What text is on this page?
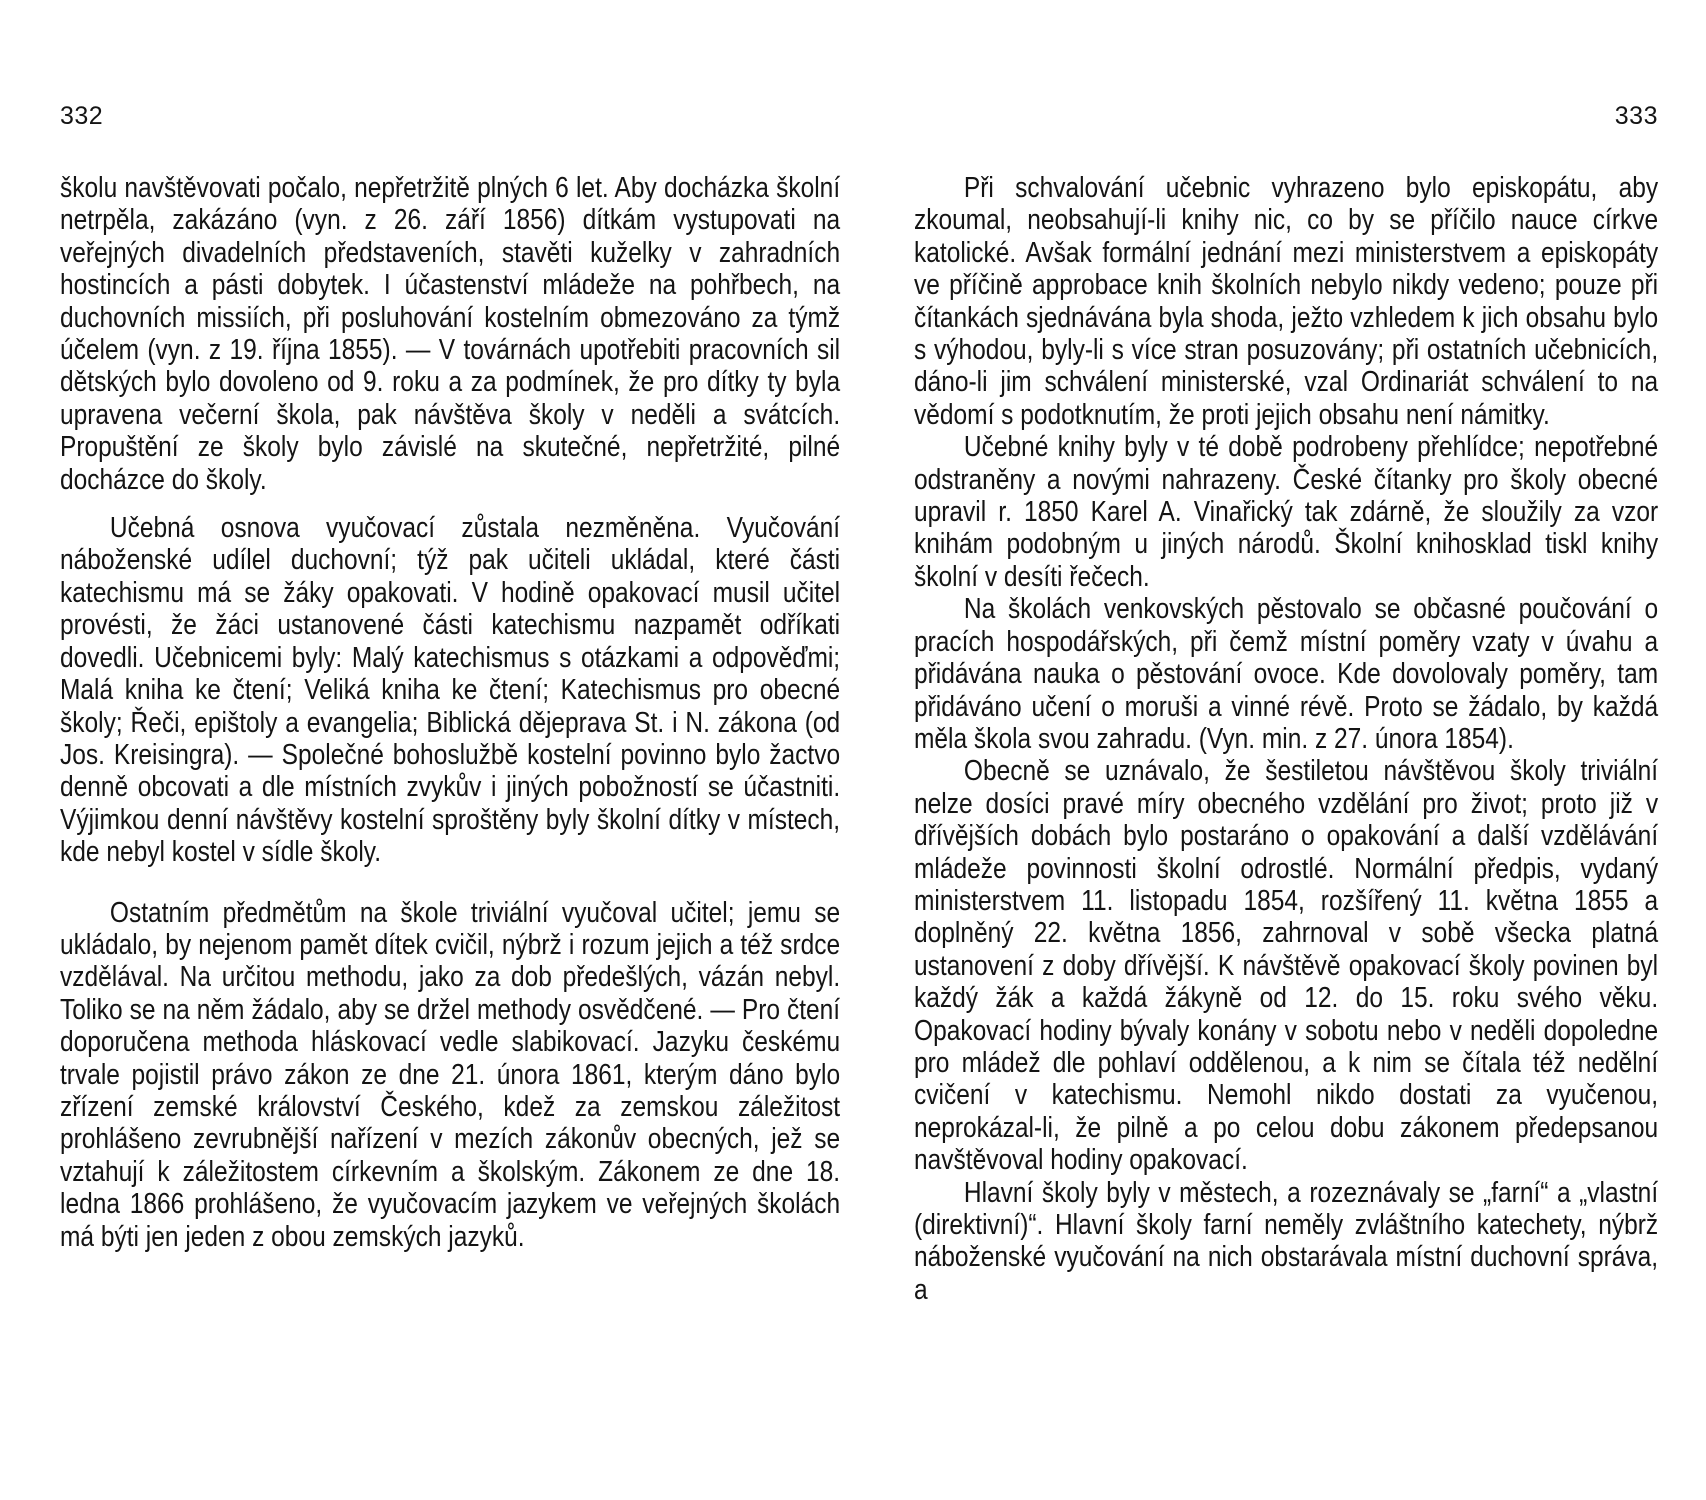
332

školu navštěvovati počalo, nepřetržitě plných 6 let. Aby docházka školní netrpěla, zakázáno (vyn. z 26. září 1856) dítkám vystupovati na veřejných divadelních představeních, stavěti kuželky v zahradních hostincích a pásti dobytek. I účastenství mládeže na pohřbech, na duchovních missiích, při posluhování kostelním obmezováno za týmž účelem (vyn. z 19. října 1855). — V továrnách upotřebiti pracovních sil dětských bylo dovoleno od 9. roku a za podmínek, že pro dítky ty byla upravena večerní škola, pak návštěva školy v neděli a svátcích. Propuštění ze školy bylo závislé na skutečné, nepřetržité, pilné docházce do školy.

Učebná osnova vyučovací zůstala nezměněna. Vyučování náboženské udílel duchovní; týž pak učiteli ukládal, které části katechismu má se žáky opakovati. V hodině opakovací musil učitel provésti, že žáci ustanovené části katechismu nazpamět odříkati dovedli. Učebnicemi byly: Malý katechismus s otázkami a odpověďmi; Malá kniha ke čtení; Veliká kniha ke čtení; Katechismus pro obecné školy; Řeči, epištoly a evangelia; Biblická dějeprava St. i N. zákona (od Jos. Kreisingra). — Společné bohoslužbě kostelní povinno bylo žactvo denně obcovati a dle místních zvykův i jiných pobožností se účastniti. Výjimkou denní návštěvy kostelní sproštěny byly školní dítky v místech, kde nebyl kostel v sídle školy.

Ostatním předmětům na škole triviální vyučoval učitel; jemu se ukládalo, by nejenom pamět dítek cvičil, nýbrž i rozum jejich a též srdce vzdělával. Na určitou methodu, jako za dob předešlých, vázán nebyl. Toliko se na něm žádalo, aby se držel methody osvědčené. — Pro čtení doporučena methoda hláskovací vedle slabikovací. Jazyku českému trvale pojistil právo zákon ze dne 21. února 1861, kterým dáno bylo zřízení zemské království Českého, kdež za zemskou záležitost prohlášeno zevrubnější nařízení v mezích zákonův obecných, jež se vztahují k záležitostem církevním a školským. Zákonem ze dne 18. ledna 1866 prohlášeno, že vyučovacím jazykem ve veřejných školách má býti jen jeden z obou zemských jazyků.

333

Při schvalování učebnic vyhrazeno bylo episkopátu, aby zkoumal, neobsahují-li knihy nic, co by se příčilo nauce církve katolické. Avšak formální jednání mezi ministerstvem a episkopáty ve příčině approbace knih školních nebylo nikdy vedeno; pouze při čítankách sjednávána byla shoda, ježto vzhledem k jich obsahu bylo s výhodou, byly-li s více stran posuzovány; při ostatních učebnicích, dáno-li jim schválení ministerské, vzal Ordinariát schválení to na vědomí s podotknutím, že proti jejich obsahu není námitky.

Učebné knihy byly v té době podrobeny přehlídce; nepotřebné odstraněny a novými nahrazeny. České čítanky pro školy obecné upravil r. 1850 Karel A. Vinařický tak zdárně, že sloužily za vzor knihám podobným u jiných národů. Školní knihosklad tiskl knihy školní v desíti řečech.

Na školách venkovských pěstovalo se občasné poučování o pracích hospodářských, při čemž místní poměry vzaty v úvahu a přidávána nauka o pěstování ovoce. Kde dovolovaly poměry, tam přidáváno učení o moruši a vinné révě. Proto se žádalo, by každá měla škola svou zahradu. (Vyn. min. z 27. února 1854).

Obecně se uznávalo, že šestiletou návštěvou školy triviální nelze dosíci pravé míry obecného vzdělání pro život; proto již v dřívějších dobách bylo postaráno o opakování a další vzdělávání mládeže povinnosti školní odrostlé. Normální předpis, vydaný ministerstvem 11. listopadu 1854, rozšířený 11. května 1855 a doplněný 22. května 1856, zahrnoval v sobě všecka platná ustanovení z doby dřívější. K návštěvě opakovací školy povinen byl každý žák a každá žákyně od 12. do 15. roku svého věku. Opakovací hodiny bývaly konány v sobotu nebo v neděli dopoledne pro mládež dle pohlaví oddělenou, a k nim se čítala též nedělní cvičení v katechismu. Nemohl nikdo dostati za vyučenou, neprokázal-li, že pilně a po celou dobu zákonem předepsanou navštěvoval hodiny opakovací.

Hlavní školy byly v městech, a rozeznávaly se „farní“ a „vlastní (direktivní)“. Hlavní školy farní neměly zvláštního katechety, nýbrž náboženské vyučování na nich obstarávala místní duchovní správa, a
